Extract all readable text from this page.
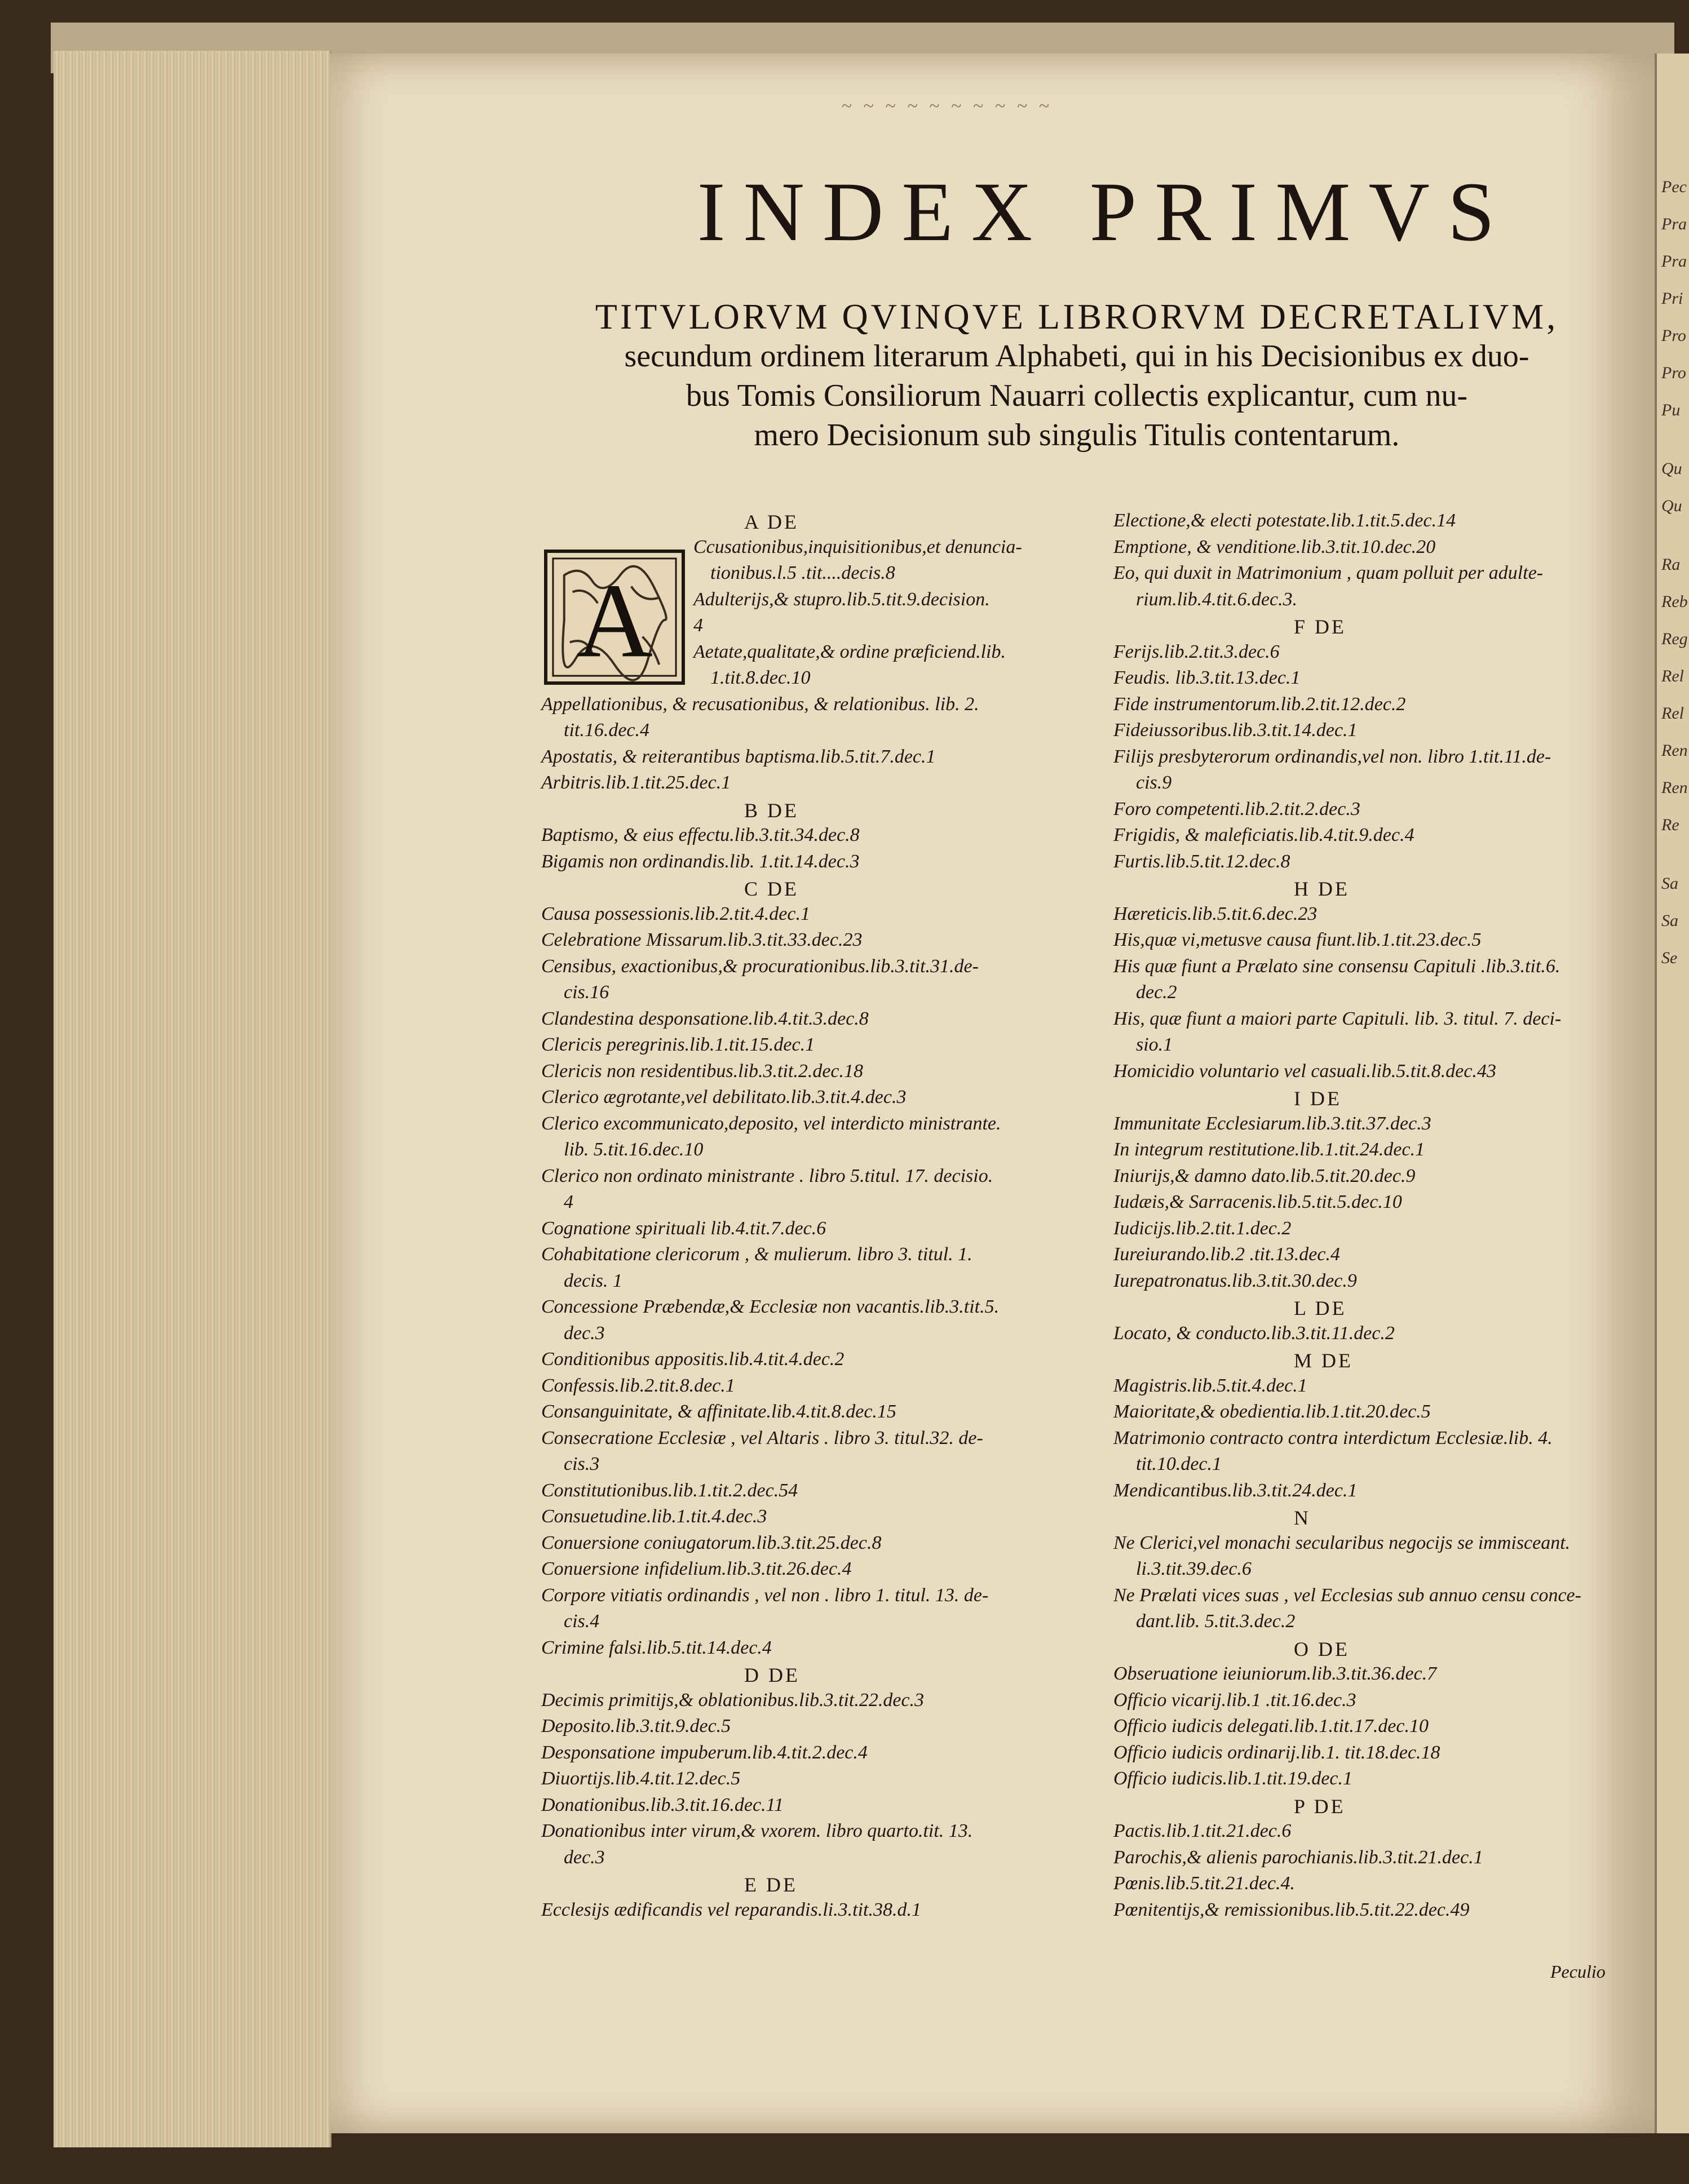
Pec
Pra
Pra
Pri
Pro
Pro
Pu
Qu
Qu
Ra
Reb
Reg
Rel
Rel
Ren
Ren
Re
Sa
Sa
Se
~ ~ ~ ~ ~ ~ ~ ~ ~ ~
INDEX PRIMVS
TITVLORVM QVINQVE LIBRORVM DECRETALIVM,
secundum ordinem literarum Alphabeti, qui in his Decisionibus ex duo-
bus Tomis Consiliorum Nauarri collectis explicantur, cum nu-
mero Decisionum sub singulis Titulis contentarum.
A
A DE
Ccusationibus,inquisitionibus,et denuncia-
tionibus.l.5 .tit....decis.8
Adulterijs,& stupro.lib.5.tit.9.decision.
4
Aetate,qualitate,& ordine præficiend.lib.
1.tit.8.dec.10
Appellationibus, & recusationibus, & relationibus. lib. 2.
tit.16.dec.4
Apostatis, & reiterantibus baptisma.lib.5.tit.7.dec.1
Arbitris.lib.1.tit.25.dec.1
B DE
Baptismo, & eius effectu.lib.3.tit.34.dec.8
Bigamis non ordinandis.lib. 1.tit.14.dec.3
C DE
Causa possessionis.lib.2.tit.4.dec.1
Celebratione Missarum.lib.3.tit.33.dec.23
Censibus, exactionibus,& procurationibus.lib.3.tit.31.de-
cis.16
Clandestina desponsatione.lib.4.tit.3.dec.8
Clericis peregrinis.lib.1.tit.15.dec.1
Clericis non residentibus.lib.3.tit.2.dec.18
Clerico ægrotante,vel debilitato.lib.3.tit.4.dec.3
Clerico excommunicato,deposito, vel interdicto ministrante.
lib. 5.tit.16.dec.10
Clerico non ordinato ministrante . libro 5.titul. 17. decisio.
4
Cognatione spirituali lib.4.tit.7.dec.6
Cohabitatione clericorum , & mulierum. libro 3. titul. 1.
decis. 1
Concessione Præbendæ,& Ecclesiæ non vacantis.lib.3.tit.5.
dec.3
Conditionibus appositis.lib.4.tit.4.dec.2
Confessis.lib.2.tit.8.dec.1
Consanguinitate, & affinitate.lib.4.tit.8.dec.15
Consecratione Ecclesiæ , vel Altaris . libro 3. titul.32. de-
cis.3
Constitutionibus.lib.1.tit.2.dec.54
Consuetudine.lib.1.tit.4.dec.3
Conuersione coniugatorum.lib.3.tit.25.dec.8
Conuersione infidelium.lib.3.tit.26.dec.4
Corpore vitiatis ordinandis , vel non . libro 1. titul. 13. de-
cis.4
Crimine falsi.lib.5.tit.14.dec.4
D DE
Decimis primitijs,& oblationibus.lib.3.tit.22.dec.3
Deposito.lib.3.tit.9.dec.5
Desponsatione impuberum.lib.4.tit.2.dec.4
Diuortijs.lib.4.tit.12.dec.5
Donationibus.lib.3.tit.16.dec.11
Donationibus inter virum,& vxorem. libro quarto.tit. 13.
dec.3
E DE
Ecclesijs ædificandis vel reparandis.li.3.tit.38.d.1
Electione,& electi potestate.lib.1.tit.5.dec.14
Emptione, & venditione.lib.3.tit.10.dec.20
Eo, qui duxit in Matrimonium , quam polluit per adulte-
rium.lib.4.tit.6.dec.3.
F DE
Ferijs.lib.2.tit.3.dec.6
Feudis. lib.3.tit.13.dec.1
Fide instrumentorum.lib.2.tit.12.dec.2
Fideiussoribus.lib.3.tit.14.dec.1
Filijs presbyterorum ordinandis,vel non. libro 1.tit.11.de-
cis.9
Foro competenti.lib.2.tit.2.dec.3
Frigidis, & maleficiatis.lib.4.tit.9.dec.4
Furtis.lib.5.tit.12.dec.8
H DE
Hæreticis.lib.5.tit.6.dec.23
His,quæ vi,metusve causa fiunt.lib.1.tit.23.dec.5
His quæ fiunt a Prælato sine consensu Capituli .lib.3.tit.6.
dec.2
His, quæ fiunt a maiori parte Capituli. lib. 3. titul. 7. deci-
sio.1
Homicidio voluntario vel casuali.lib.5.tit.8.dec.43
I DE
Immunitate Ecclesiarum.lib.3.tit.37.dec.3
In integrum restitutione.lib.1.tit.24.dec.1
Iniurijs,& damno dato.lib.5.tit.20.dec.9
Iudæis,& Sarracenis.lib.5.tit.5.dec.10
Iudicijs.lib.2.tit.1.dec.2
Iureiurando.lib.2 .tit.13.dec.4
Iurepatronatus.lib.3.tit.30.dec.9
L DE
Locato, & conducto.lib.3.tit.11.dec.2
M DE
Magistris.lib.5.tit.4.dec.1
Maioritate,& obedientia.lib.1.tit.20.dec.5
Matrimonio contracto contra interdictum Ecclesiæ.lib. 4.
tit.10.dec.1
Mendicantibus.lib.3.tit.24.dec.1
N
Ne Clerici,vel monachi secularibus negocijs se immisceant.
li.3.tit.39.dec.6
Ne Prælati vices suas , vel Ecclesias sub annuo censu conce-
dant.lib. 5.tit.3.dec.2
O DE
Obseruatione ieiuniorum.lib.3.tit.36.dec.7
Officio vicarij.lib.1 .tit.16.dec.3
Officio iudicis delegati.lib.1.tit.17.dec.10
Officio iudicis ordinarij.lib.1. tit.18.dec.18
Officio iudicis.lib.1.tit.19.dec.1
P DE
Pactis.lib.1.tit.21.dec.6
Parochis,& alienis parochianis.lib.3.tit.21.dec.1
Pœnis.lib.5.tit.21.dec.4.
Pœnitentijs,& remissionibus.lib.5.tit.22.dec.49
Peculio
